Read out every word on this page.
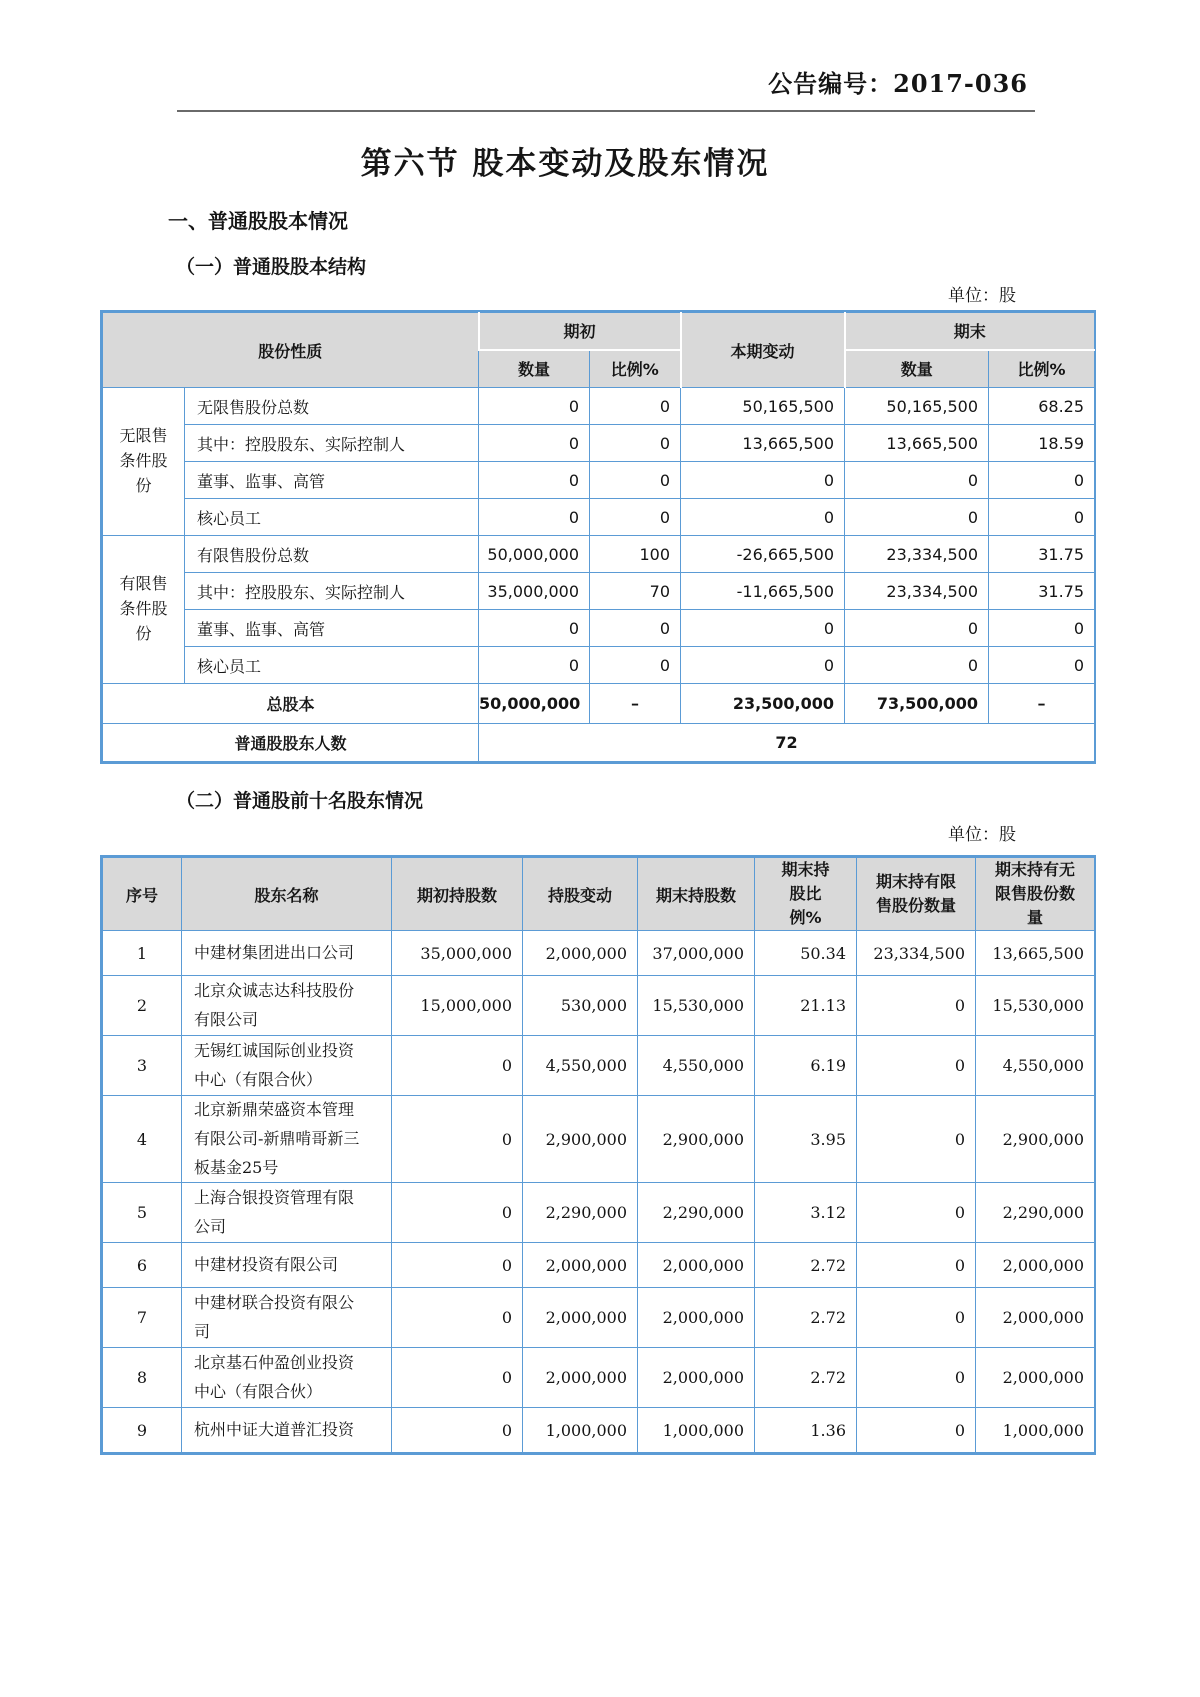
公告编号：2017-036
第六节 股本变动及股东情况
一、普通股股本情况
（一）普通股股本结构
单位：股
股份性质		期初		本期变动	期末	
		数量	比例%		数量	比例%
无限售条件股份	无限售股份总数	0	0	50,165,500	50,165,500	68.25
	其中：控股股东、实际控制人	0	0	13,665,500	13,665,500	18.59
	董事、监事、高管	0	0	0	0	0
	核心员工	0	0	0	0	0
有限售条件股份	有限售股份总数	50,000,000	100	-26,665,500	23,334,500	31.75
	其中：控股股东、实际控制人	35,000,000	70	-11,665,500	23,334,500	31.75
	董事、监事、高管	0	0	0	0	0
	核心员工	0	0	0	0	0
总股本		50,000,000	–	23,500,000	73,500,000	–
普通股股东人数		72				
（二）普通股前十名股东情况
单位：股
序号	股东名称	期初持股数	持股变动	期末持股数	期末持股比例%	期末持有限售股份数量	期末持有无限售股份数量
1	中建材集团进出口公司	35,000,000	2,000,000	37,000,000	50.34	23,334,500	13,665,500
2	北京众诚志达科技股份有限公司	15,000,000	530,000	15,530,000	21.13	0	15,530,000
3	无锡红诚国际创业投资中心（有限合伙）	0	4,550,000	4,550,000	6.19	0	4,550,000
4	北京新鼎荣盛资本管理有限公司-新鼎啃哥新三板基金25号	0	2,900,000	2,900,000	3.95	0	2,900,000
5	上海合银投资管理有限公司	0	2,290,000	2,290,000	3.12	0	2,290,000
6	中建材投资有限公司	0	2,000,000	2,000,000	2.72	0	2,000,000
7	中建材联合投资有限公司	0	2,000,000	2,000,000	2.72	0	2,000,000
8	北京基石仲盈创业投资中心（有限合伙）	0	2,000,000	2,000,000	2.72	0	2,000,000
9	杭州中证大道普汇投资	0	1,000,000	1,000,000	1.36	0	1,000,000
